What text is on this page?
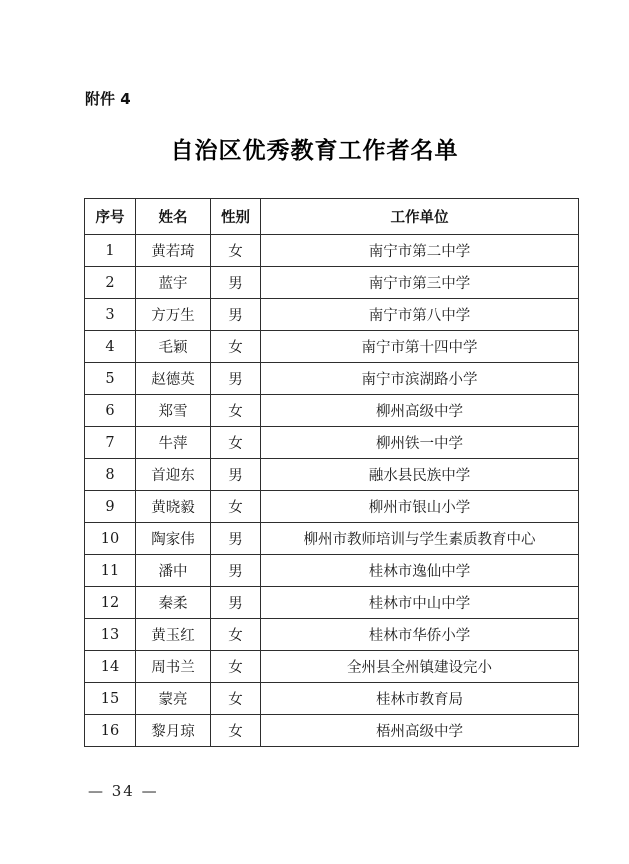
附件 4
自治区优秀教育工作者名单
序号	姓名	性别	工作单位
1	黄若琦	女	南宁市第二中学
2	蓝宇	男	南宁市第三中学
3	方万生	男	南宁市第八中学
4	毛颖	女	南宁市第十四中学
5	赵德英	男	南宁市滨湖路小学
6	郑雪	女	柳州高级中学
7	牛萍	女	柳州铁一中学
8	首迎东	男	融水县民族中学
9	黄晓毅	女	柳州市银山小学
10	陶家伟	男	柳州市教师培训与学生素质教育中心
11	潘中	男	桂林市逸仙中学
12	秦柔	男	桂林市中山中学
13	黄玉红	女	桂林市华侨小学
14	周书兰	女	全州县全州镇建设完小
15	蒙亮	女	桂林市教育局
16	黎月琼	女	梧州高级中学
— 34 —
